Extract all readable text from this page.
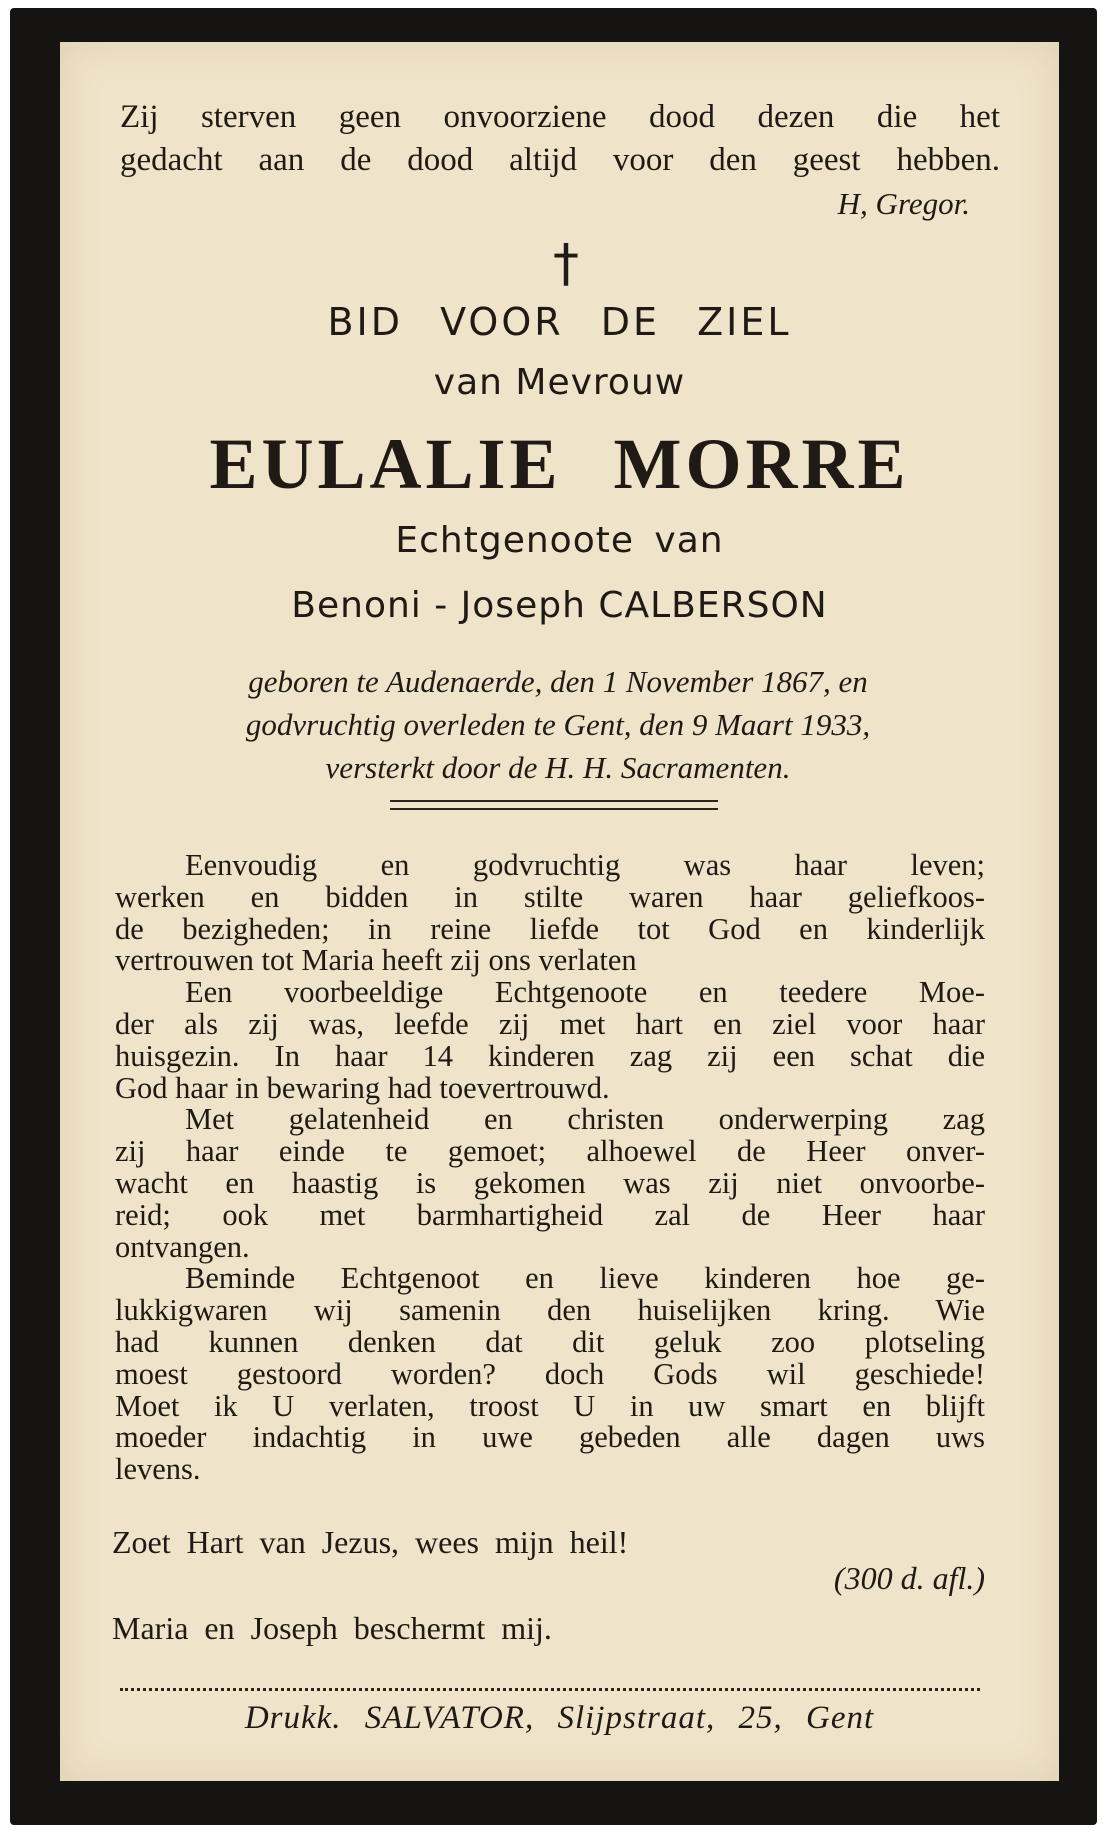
Zij sterven geen onvoorziene dood dezen die het
gedacht aan de dood altijd voor den geest hebben.
H, Gregor.
†
BID VOOR DE ZIEL
van Mevrouw
EULALIE MORRE
Echtgenoote van
Benoni - Joseph CALBERSON
geboren te Audenaerde, den 1 November 1867, en
godvruchtig overleden te Gent, den 9 Maart 1933,
versterkt door de H. H. Sacramenten.
Eenvoudig en godvruchtig was haar leven;
werken en bidden in stilte waren haar geliefkoos-
de bezigheden; in reine liefde tot God en kinderlijk
vertrouwen tot Maria heeft zij ons verlaten
Een voorbeeldige Echtgenoote en teedere Moe-
der als zij was, leefde zij met hart en ziel voor haar
huisgezin. In haar 14 kinderen zag zij een schat die
God haar in bewaring had toevertrouwd.
Met gelatenheid en christen onderwerping zag
zij haar einde te gemoet; alhoewel de Heer onver-
wacht en haastig is gekomen was zij niet onvoorbe-
reid; ook met barmhartigheid zal de Heer haar
ontvangen.
Beminde Echtgenoot en lieve kinderen hoe ge-
lukkigwaren wij samenin den huiselijken kring. Wie
had kunnen denken dat dit geluk zoo plotseling
moest gestoord worden? doch Gods wil geschiede!
Moet ik U verlaten, troost U in uw smart en blijft
moeder indachtig in uwe gebeden alle dagen uws
levens.
Zoet Hart van Jezus, wees mijn heil!
(300 d. afl.)
Maria en Joseph beschermt mij.
Drukk. SALVATOR, Slijpstraat, 25, Gent
